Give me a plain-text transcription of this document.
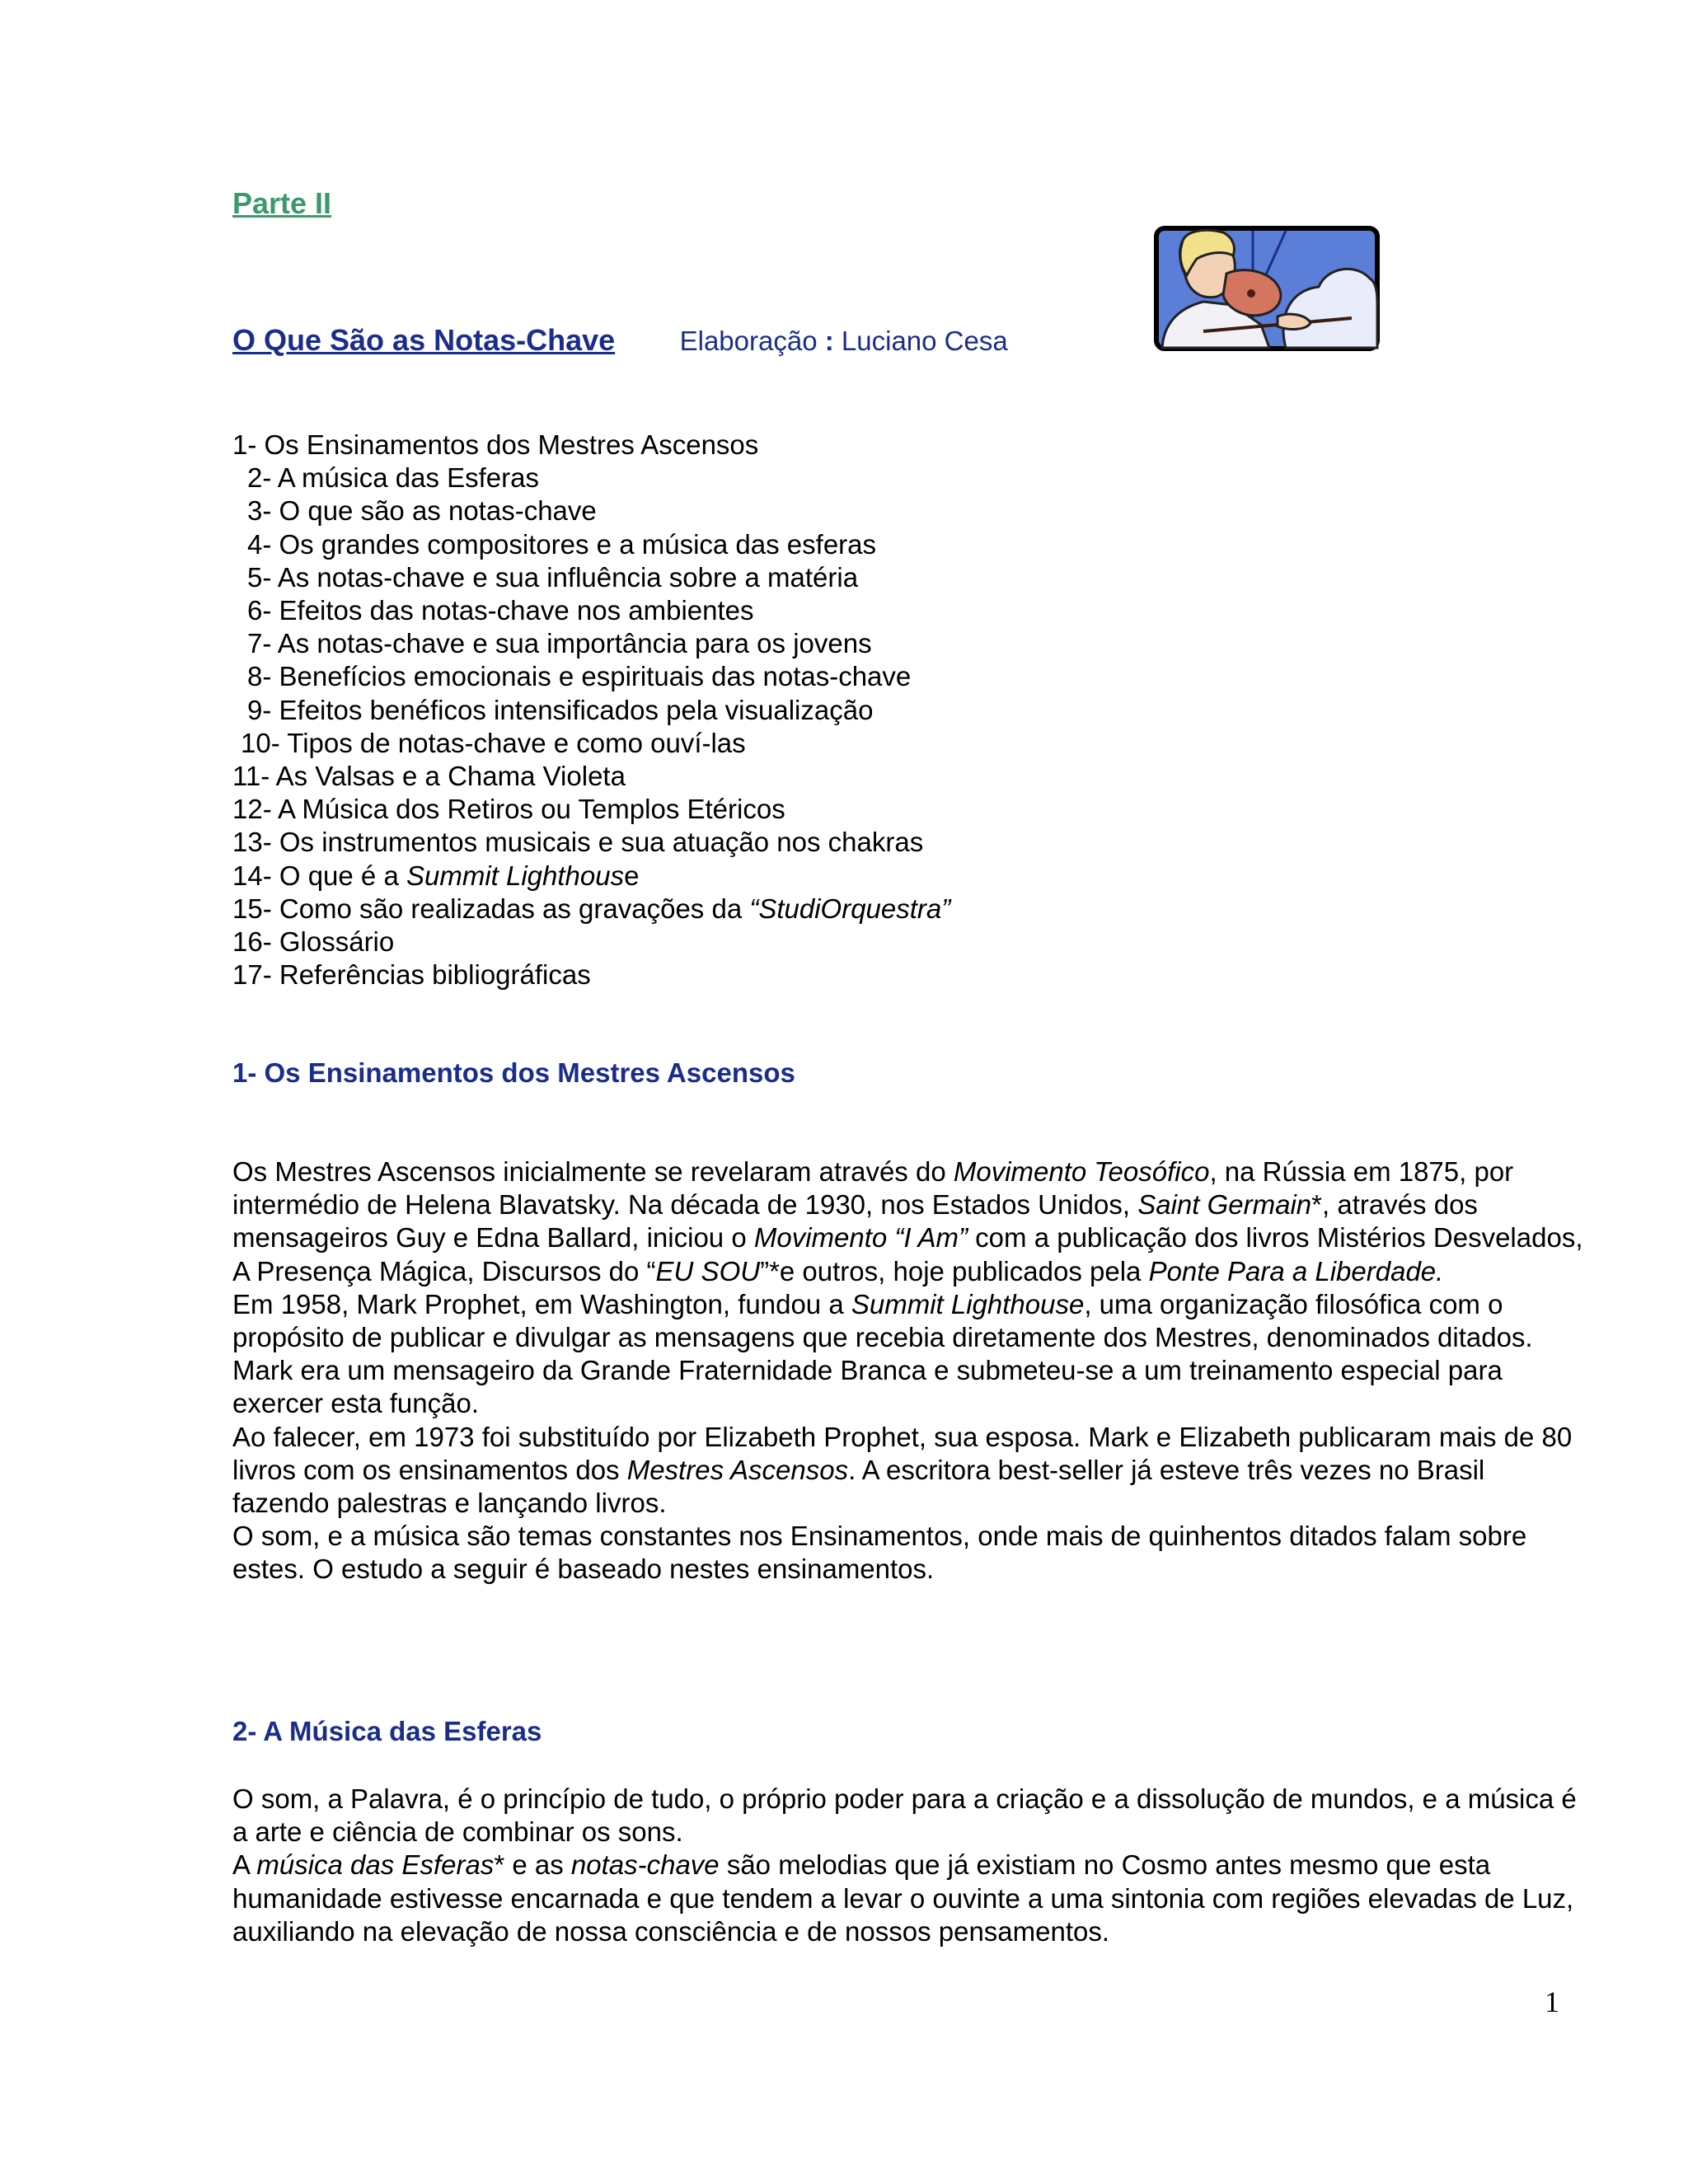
Parte II
O Que São as Notas-Chave Elaboração : Luciano Cesa
1- Os Ensinamentos dos Mestres Ascensos
2- A música das Esferas
3- O que são as notas-chave
4- Os grandes compositores e a música das esferas
5- As notas-chave e sua influência sobre a matéria
6- Efeitos das notas-chave nos ambientes
7- As notas-chave e sua importância para os jovens
8- Benefícios emocionais e espirituais das notas-chave
9- Efeitos benéficos intensificados pela visualização
10- Tipos de notas-chave e como ouví-las
11- As Valsas e a Chama Violeta
12- A Música dos Retiros ou Templos Etéricos
13- Os instrumentos musicais e sua atuação nos chakras
14- O que é a Summit Lighthouse
15- Como são realizadas as gravações da “StudiOrquestra”
16- Glossário
17- Referências bibliográficas
1- Os Ensinamentos dos Mestres Ascensos

Os Mestres Ascensos inicialmente se revelaram através do Movimento Teosófico, na Rússia em 1875, por intermédio de Helena Blavatsky. Na década de 1930, nos Estados Unidos, Saint Germain*, através dos mensageiros Guy e Edna Ballard, iniciou o Movimento “I Am” com a publicação dos livros Mistérios Desvelados, A Presença Mágica, Discursos do “EU SOU”*e outros, hoje publicados pela Ponte Para a Liberdade.

Em 1958, Mark Prophet, em Washington, fundou a Summit Lighthouse, uma organização filosófica com o propósito de publicar e divulgar as mensagens que recebia diretamente dos Mestres, denominados ditados. Mark era um mensageiro da Grande Fraternidade Branca e submeteu-se a um treinamento especial para exercer esta função.

Ao falecer, em 1973 foi substituído por Elizabeth Prophet, sua esposa. Mark e Elizabeth publicaram mais de 80 livros com os ensinamentos dos Mestres Ascensos. A escritora best-seller já esteve três vezes no Brasil fazendo palestras e lançando livros.

O som, e a música são temas constantes nos Ensinamentos, onde mais de quinhentos ditados falam sobre estes. O estudo a seguir é baseado nestes ensinamentos.

2- A Música das Esferas

O som, a Palavra, é o princípio de tudo, o próprio poder para a criação e a dissolução de mundos, e a música é a arte e ciência de combinar os sons.

A música das Esferas* e as notas-chave são melodias que já existiam no Cosmo antes mesmo que esta humanidade estivesse encarnada e que tendem a levar o ouvinte a uma sintonia com regiões elevadas de Luz, auxiliando na elevação de nossa consciência e de nossos pensamentos.

1
